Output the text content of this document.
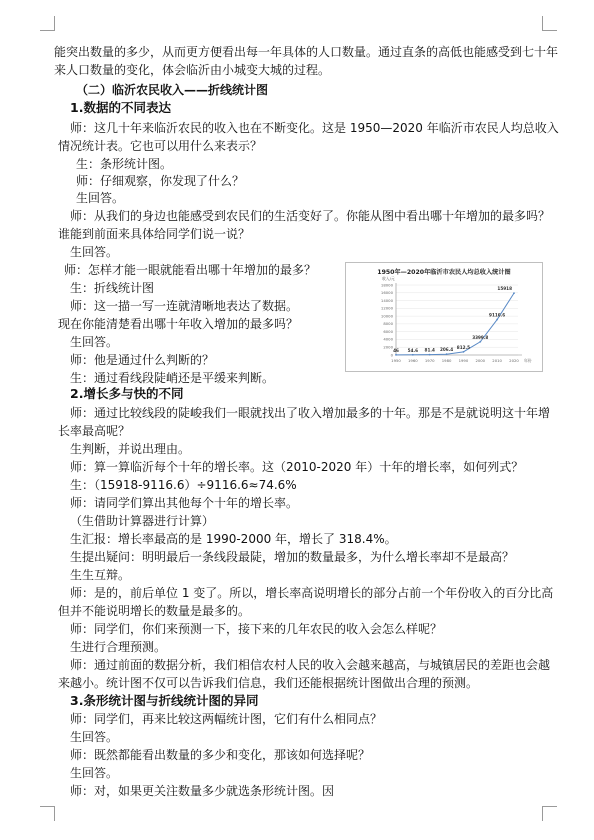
能突出数量的多少，从而更方便看出每一年具体的人口数量。通过直条的高低也能感受到七十年
来人口数量的变化，体会临沂由小城变大城的过程。
（二）临沂农民收入——折线统计图
1.数据的不同表达
师：这几十年来临沂农民的收入也在不断变化。这是 1950—2020 年临沂市农民人均总收入
情况统计表。它也可以用什么来表示？
生：条形统计图。
师：仔细观察，你发现了什么？
生回答。
师：从我们的身边也能感受到农民们的生活变好了。你能从图中看出哪十年增加的最多吗？
谁能到前面来具体给同学们说一说？
生回答。
师：怎样才能一眼就能看出哪十年增加的最多？
生：折线统计图
师：这一描一写一连就清晰地表达了数据。
现在你能清楚看出哪十年收入增加的最多吗？
生回答。
师：他是通过什么判断的？
生：通过看线段陡峭还是平缓来判断。
2.增长多与快的不同
师：通过比较线段的陡峻我们一眼就找出了收入增加最多的十年。那是不是就说明这十年增
长率最高呢？
生判断，并说出理由。
师：算一算临沂每个十年的增长率。这（2010-2020 年）十年的增长率，如何列式？
生：（15918-9116.6）÷9116.6≈74.6%
师：请同学们算出其他每个十年的增长率。
（生借助计算器进行计算）
生汇报：增长率最高的是 1990-2000 年，增长了 318.4%。
生提出疑问：明明最后一条线段最陡，增加的数量最多，为什么增长率却不是最高？
生生互辩。
师：是的，前后单位 1 变了。所以，增长率高说明增长的部分占前一个年份收入的百分比高
但并不能说明增长的数量是最多的。
师：同学们，你们来预测一下，接下来的几年农民的收入会怎么样呢？
生进行合理预测。
师：通过前面的数据分析，我们相信农村人民的收入会越来越高，与城镇居民的差距也会越
来越小。统计图不仅可以告诉我们信息，我们还能根据统计图做出合理的预测。
3.条形统计图与折线统计图的异同
师：同学们，再来比较这两幅统计图，它们有什么相同点？
生回答。
师：既然都能看出数量的多少和变化，那该如何选择呢？
生回答。
师：对，如果更关注数量多少就选条形统计图。因
1950年—2020年临沂市农民人均总收入统计图
收入/元
年份
0
2000
4000
6000
8000
10000
12000
14000
16000
18000
1950 1960 1970 1980 1990 2000 2010 2020
46 54.6 81.4 206.4 812.5
3399.8
9116.6
15918
